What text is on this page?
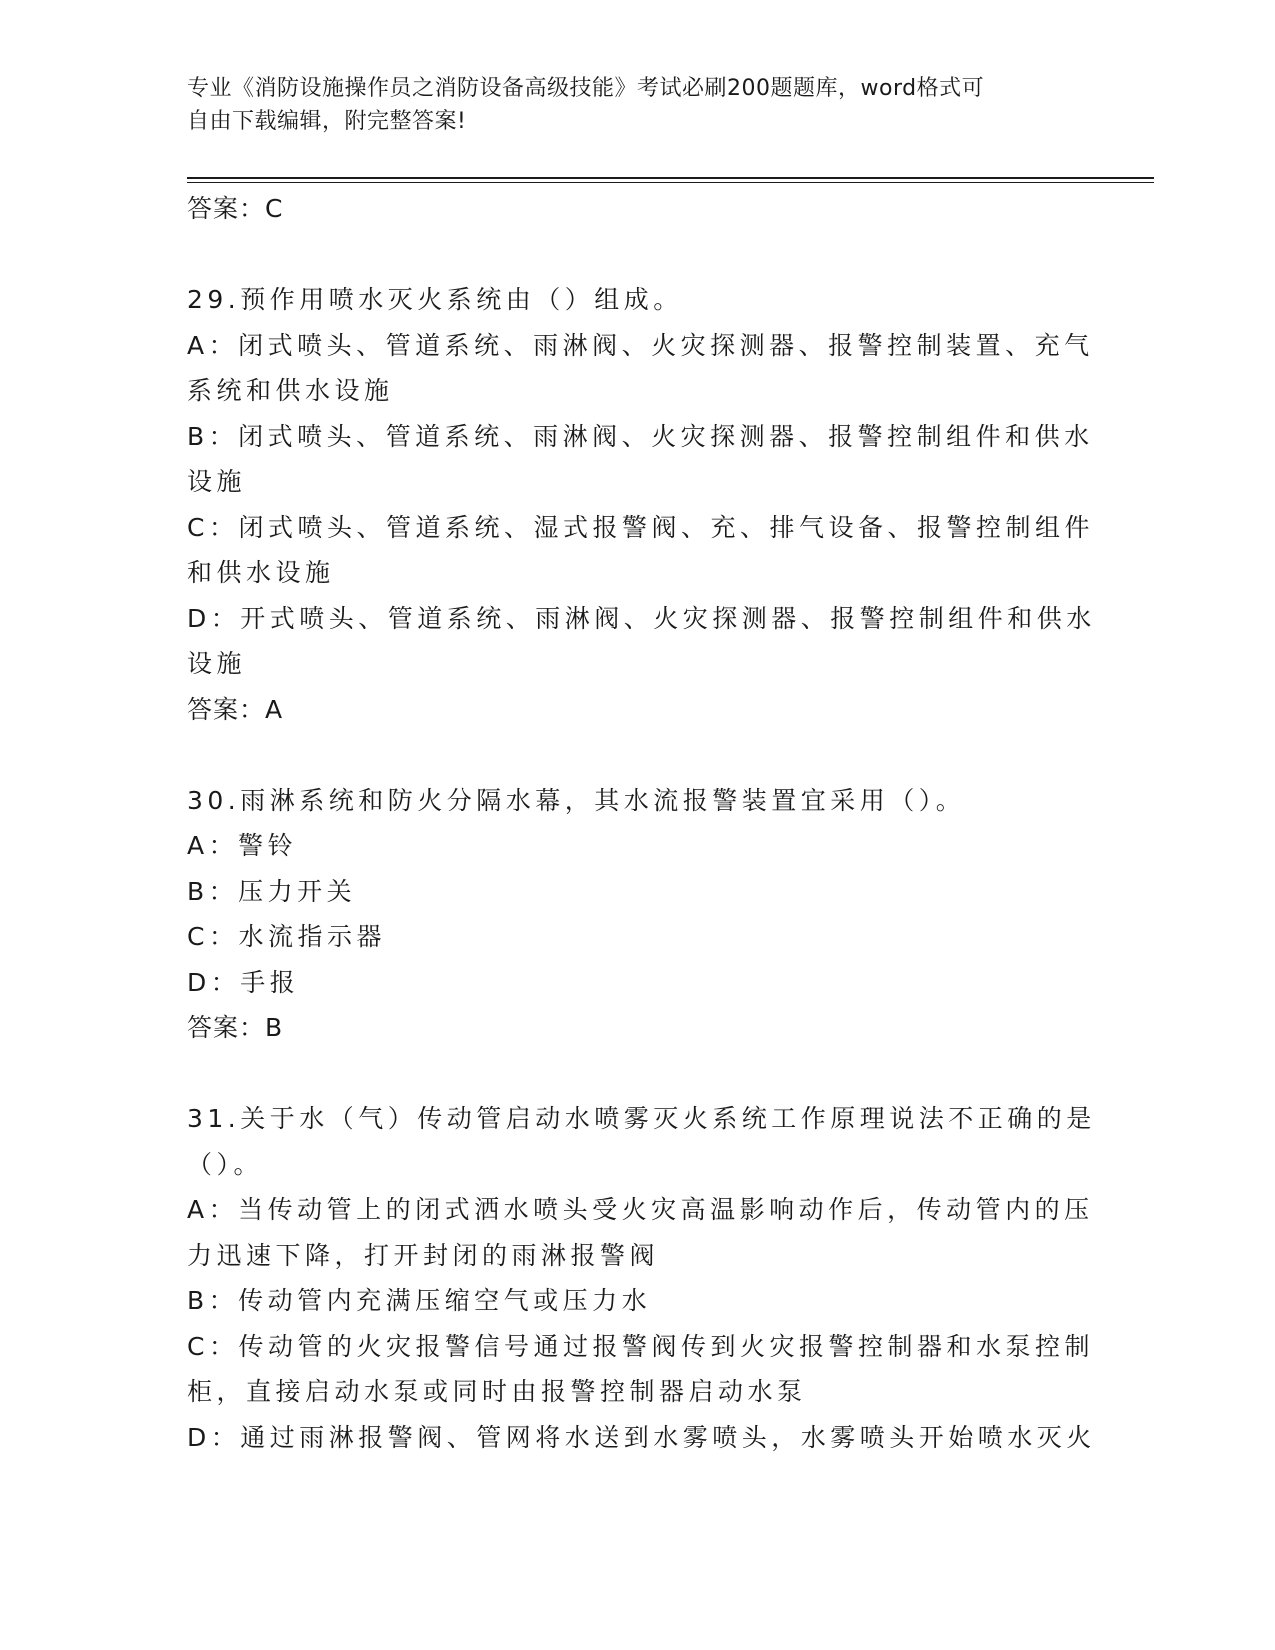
专业《消防设施操作员之消防设备高级技能》考试必刷200题题库，word格式可
自由下载编辑，附完整答案!
答案：C
29.预作用喷水灭火系统由（）组成。
A：闭式喷头、管道系统、雨淋阀、火灾探测器、报警控制装置、充气
系统和供水设施
B：闭式喷头、管道系统、雨淋阀、火灾探测器、报警控制组件和供水
设施
C：闭式喷头、管道系统、湿式报警阀、充、排气设备、报警控制组件
和供水设施
D：开式喷头、管道系统、雨淋阀、火灾探测器、报警控制组件和供水
设施
答案：A
30.雨淋系统和防火分隔水幕，其水流报警装置宜采用（）。
A：警铃
B：压力开关
C：水流指示器
D：手报
答案：B
31.关于水（气）传动管启动水喷雾灭火系统工作原理说法不正确的是
（）。
A：当传动管上的闭式洒水喷头受火灾高温影响动作后，传动管内的压
力迅速下降，打开封闭的雨淋报警阀
B：传动管内充满压缩空气或压力水
C：传动管的火灾报警信号通过报警阀传到火灾报警控制器和水泵控制
柜，直接启动水泵或同时由报警控制器启动水泵
D：通过雨淋报警阀、管网将水送到水雾喷头，水雾喷头开始喷水灭火
